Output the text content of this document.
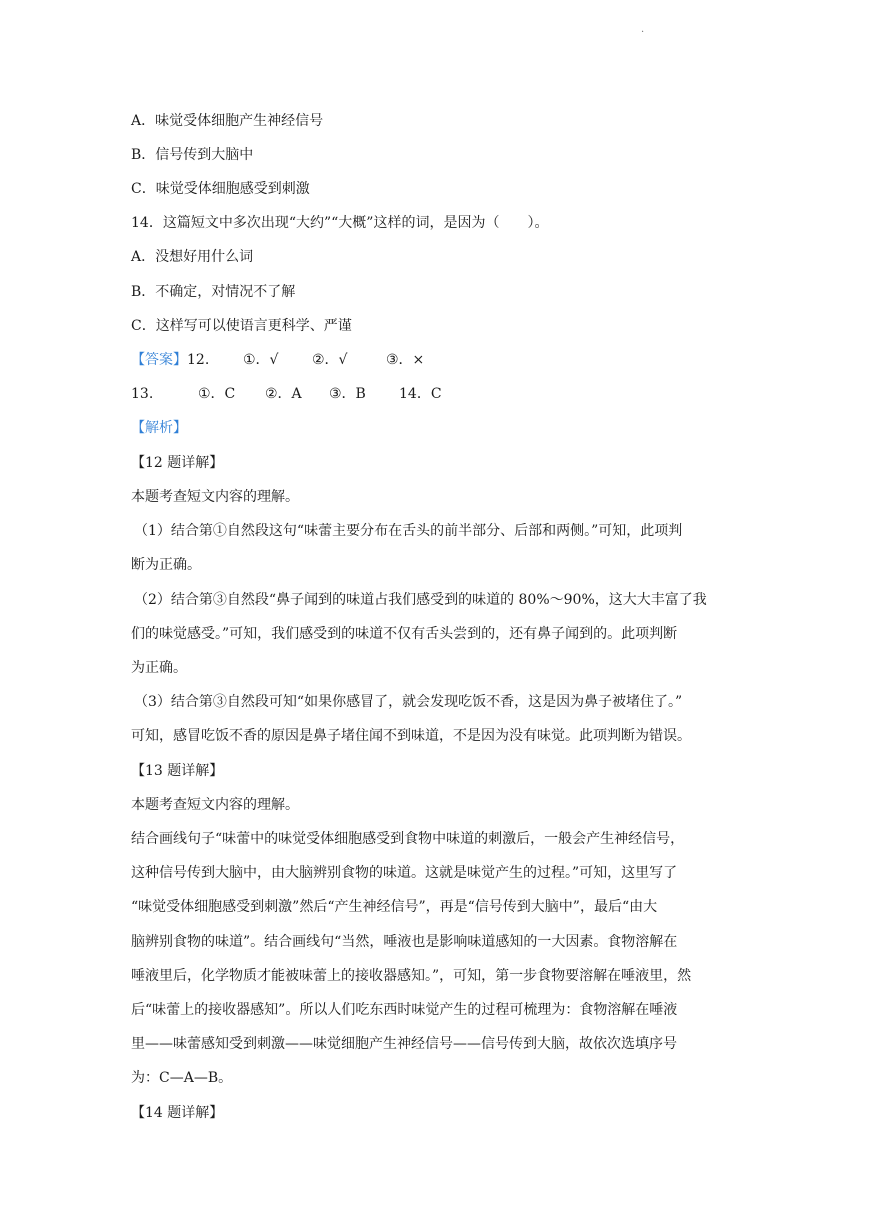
·
A．味觉受体细胞产生神经信号
B．信号传到大脑中
C．味觉受体细胞感受到刺激
14．这篇短文中多次出现“大约”“大概”这样的词，是因为（　　）。
A．没想好用什么词
B．不确定，对情况不了解
C．这样写可以使语言更科学、严谨
【答案】12. ①．√ ②．√	③．×
13.	①．C ②．A ③．B 14．C
【解析】
【12 题详解】
本题考查短文内容的理解。
（1）结合第①自然段这句“味蕾主要分布在舌头的前半部分、后部和两侧。”可知，此项判
断为正确。
（2）结合第③自然段“鼻子闻到的味道占我们感受到的味道的 80%～90%，这大大丰富了我
们的味觉感受。”可知，我们感受到的味道不仅有舌头尝到的，还有鼻子闻到的。此项判断
为正确。
（3）结合第③自然段可知“如果你感冒了，就会发现吃饭不香，这是因为鼻子被堵住了。”
可知，感冒吃饭不香的原因是鼻子堵住闻不到味道，不是因为没有味觉。此项判断为错误。
【13 题详解】
本题考查短文内容的理解。
结合画线句子“味蕾中的味觉受体细胞感受到食物中味道的刺激后，一般会产生神经信号，
这种信号传到大脑中，由大脑辨别食物的味道。这就是味觉产生的过程。”可知，这里写了
“味觉受体细胞感受到刺激”然后“产生神经信号”，再是“信号传到大脑中”，最后“由大
脑辨别食物的味道”。结合画线句“当然，唾液也是影响味道感知的一大因素。食物溶解在
唾液里后，化学物质才能被味蕾上的接收器感知。”，可知，第一步食物要溶解在唾液里，然
后“味蕾上的接收器感知”。所以人们吃东西时味觉产生的过程可梳理为：食物溶解在唾液
里——味蕾感知受到刺激——味觉细胞产生神经信号——信号传到大脑，故依次选填序号
为：C—A—B。
【14 题详解】
